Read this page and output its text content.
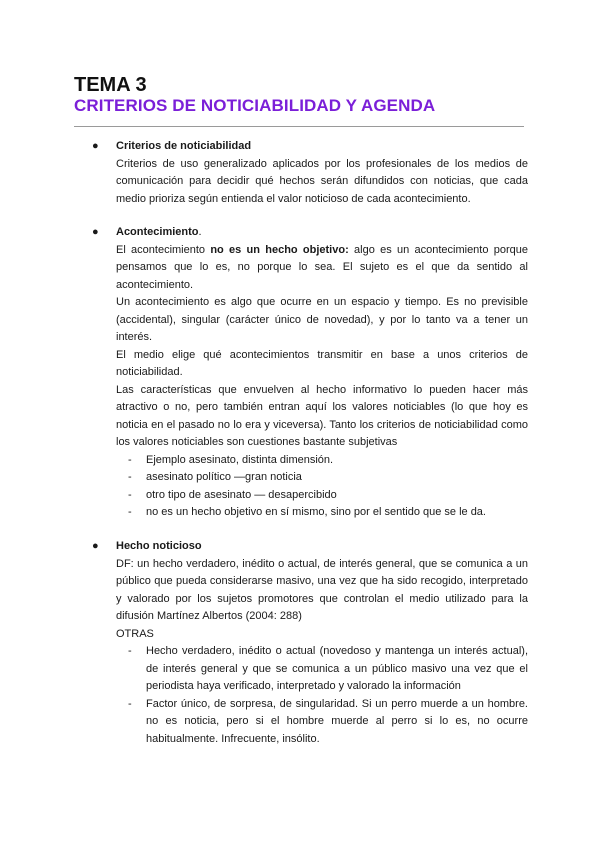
TEMA 3
CRITERIOS DE NOTICIABILIDAD Y AGENDA
● Criterios de noticiabilidad

Criterios de uso generalizado aplicados por los profesionales de los medios de comunicación para decidir qué hechos serán difundidos con noticias, que cada medio prioriza según entienda el valor noticioso de cada acontecimiento.

● Acontecimiento.

El acontecimiento no es un hecho objetivo: algo es un acontecimiento porque pensamos que lo es, no porque lo sea. El sujeto es el que da sentido al acontecimiento.

Un acontecimiento es algo que ocurre en un espacio y tiempo. Es no previsible (accidental), singular (carácter único de novedad), y por lo tanto va a tener un interés.

El medio elige qué acontecimientos transmitir en base a unos criterios de noticiabilidad.

Las características que envuelven al hecho informativo lo pueden hacer más atractivo o no, pero también entran aquí los valores noticiables (lo que hoy es noticia en el pasado no lo era y viceversa). Tanto los criterios de noticiabilidad como los valores noticiables son cuestiones bastante subjetivas

- Ejemplo asesinato, distinta dimensión.
- asesinato político —gran noticia
- otro tipo de asesinato — desapercibido
- no es un hecho objetivo en sí mismo, sino por el sentido que se le da.
● Hecho noticioso

DF: un hecho verdadero, inédito o actual, de interés general, que se comunica a un público que pueda considerarse masivo, una vez que ha sido recogido, interpretado y valorado por los sujetos promotores que controlan el medio utilizado para la difusión Martínez Albertos (2004: 288)

OTRAS

- Hecho verdadero, inédito o actual (novedoso y mantenga un interés actual), de interés general y que se comunica a un público masivo una vez que el periodista haya verificado, interpretado y valorado la información
- Factor único, de sorpresa, de singularidad. Si un perro muerde a un hombre. no es noticia, pero si el hombre muerde al perro si lo es, no ocurre habitualmente. Infrecuente, insólito.
